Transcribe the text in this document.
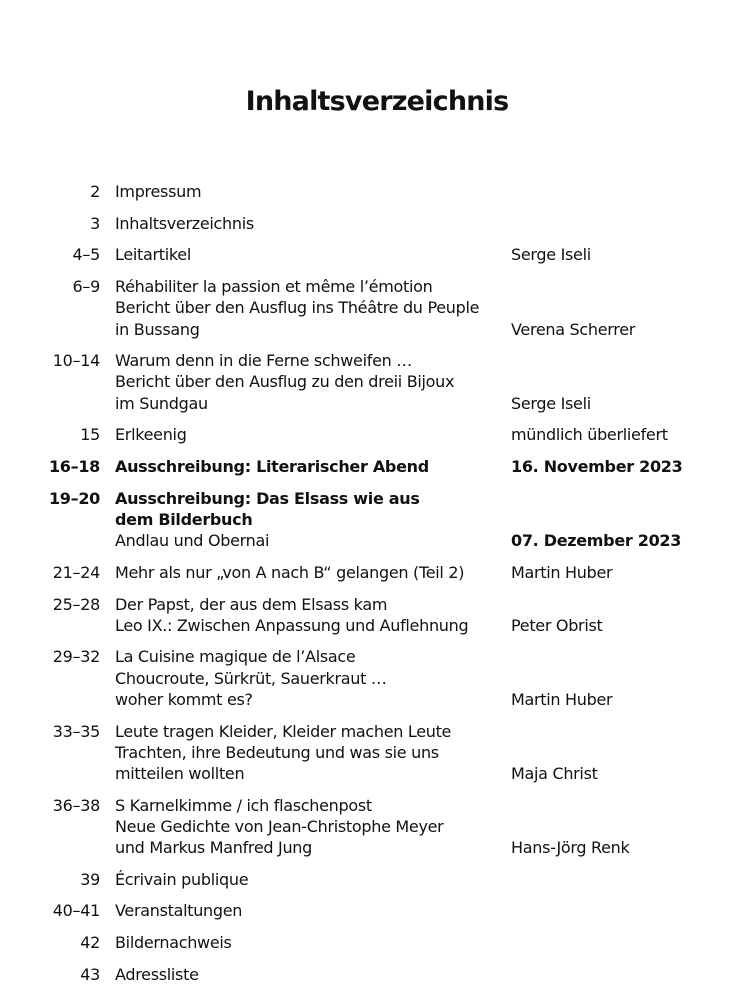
Inhaltsverzeichnis
2 Impressum
3 Inhaltsverzeichnis
4–5 Leitartikel	Serge Iseli
6–9 Réhabiliter la passion et même l’émotion
Bericht über den Ausflug ins Théâtre du Peuple
in Bussang	Verena Scherrer
10–14 Warum denn in die Ferne schweifen …
Bericht über den Ausflug zu den dreii Bijoux
im Sundgau	Serge Iseli
15 Erlkeenig	mündlich überliefert
16–18 Ausschreibung: Literarischer Abend	16. November 2023
19–20 Ausschreibung: Das Elsass wie aus
dem Bilderbuch
Andlau und Obernai	07. Dezember 2023
21–24 Mehr als nur „von A nach B“ gelangen (Teil 2)	Martin Huber
25–28 Der Papst, der aus dem Elsass kam
Leo IX.: Zwischen Anpassung und Auflehnung	Peter Obrist
29–32 La Cuisine magique de l’Alsace
Choucroute, Sürkrüt, Sauerkraut …
woher kommt es?	Martin Huber
33–35 Leute tragen Kleider, Kleider machen Leute
Trachten, ihre Bedeutung und was sie uns
mitteilen wollten	Maja Christ
36–38 S Karnelkimme / ich flaschenpost
Neue Gedichte von Jean-Christophe Meyer
und Markus Manfred Jung	Hans-Jörg Renk
39 Écrivain publique
40–41 Veranstaltungen
42 Bildernachweis
43 Adressliste
